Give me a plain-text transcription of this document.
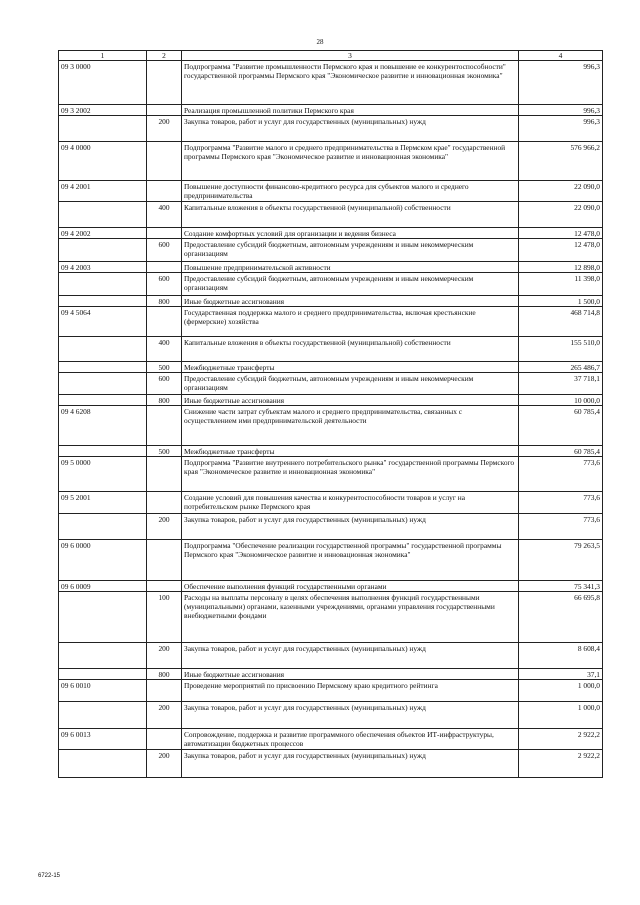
28
1	2	3	4
09 3 0000		Подпрограмма "Развитие промышленности Пермского края и повышение ее конкурентоспособности" государственной программы Пермского края "Экономическое развитие и инновационная экономика"	996,3
09 3 2002		Реализация промышленной политики Пермского края	996,3
	200	Закупка товаров, работ и услуг для государственных (муниципальных) нужд	996,3
09 4 0000		Подпрограмма "Развитие малого и среднего предпринимательства в Пермском крае" государственной программы Пермского края "Экономическое развитие и инновационная экономика"	576 966,2
09 4 2001		Повышение доступности финансово-кредитного ресурса для субъектов малого и среднего предпринимательства	22 090,0
	400	Капитальные вложения в объекты государственной (муниципальной) собственности	22 090,0
09 4 2002		Создание комфортных условий для организации и ведения бизнеса	12 478,0
	600	Предоставление субсидий бюджетным, автономным учреждениям и иным некоммерческим организациям	12 478,0
09 4 2003		Повышение предпринимательской активности	12 898,0
	600	Предоставление субсидий бюджетным, автономным учреждениям и иным некоммерческим организациям	11 398,0
	800	Иные бюджетные ассигнования	1 500,0
09 4 5064		Государственная поддержка малого и среднего предпринимательства, включая крестьянские (фермерские) хозяйства	468 714,8
	400	Капитальные вложения в объекты государственной (муниципальной) собственности	155 510,0
	500	Межбюджетные трансферты	265 486,7
	600	Предоставление субсидий бюджетным, автономным учреждениям и иным некоммерческим организациям	37 718,1
	800	Иные бюджетные ассигнования	10 000,0
09 4 6208		Снижение части затрат субъектам малого и среднего предпринимательства, связанных с осуществлением ими предпринимательской деятельности	60 785,4
	500	Межбюджетные трансферты	60 785,4
09 5 0000		Подпрограмма "Развитие внутреннего потребительского рынка" государственной программы Пермского края "Экономическое развитие и инновационная экономика"	773,6
09 5 2001		Создание условий для повышения качества и конкурентоспособности товаров и услуг на потребительском рынке Пермского края	773,6
	200	Закупка товаров, работ и услуг для государственных (муниципальных) нужд	773,6
09 6 0000		Подпрограмма "Обеспечение реализации государственной программы" государственной программы Пермского края "Экономическое развитие и инновационная экономика"	79 263,5
09 6 0009		Обеспечение выполнения функций государственными органами	75 341,3
	100	Расходы на выплаты персоналу в целях обеспечения выполнения функций государственными (муниципальными) органами, казенными учреждениями, органами управления государственными внебюджетными фондами	66 695,8
	200	Закупка товаров, работ и услуг для государственных (муниципальных) нужд	8 608,4
	800	Иные бюджетные ассигнования	37,1
09 6 0010		Проведение мероприятий по присвоению Пермскому краю кредитного рейтинга	1 000,0
	200	Закупка товаров, работ и услуг для государственных (муниципальных) нужд	1 000,0
09 6 0013		Сопровождение, поддержка и развитие программного обеспечения объектов ИТ-инфраструктуры, автоматизации бюджетных процессов	2 922,2
	200	Закупка товаров, работ и услуг для государственных (муниципальных) нужд	2 922,2
6722-15
